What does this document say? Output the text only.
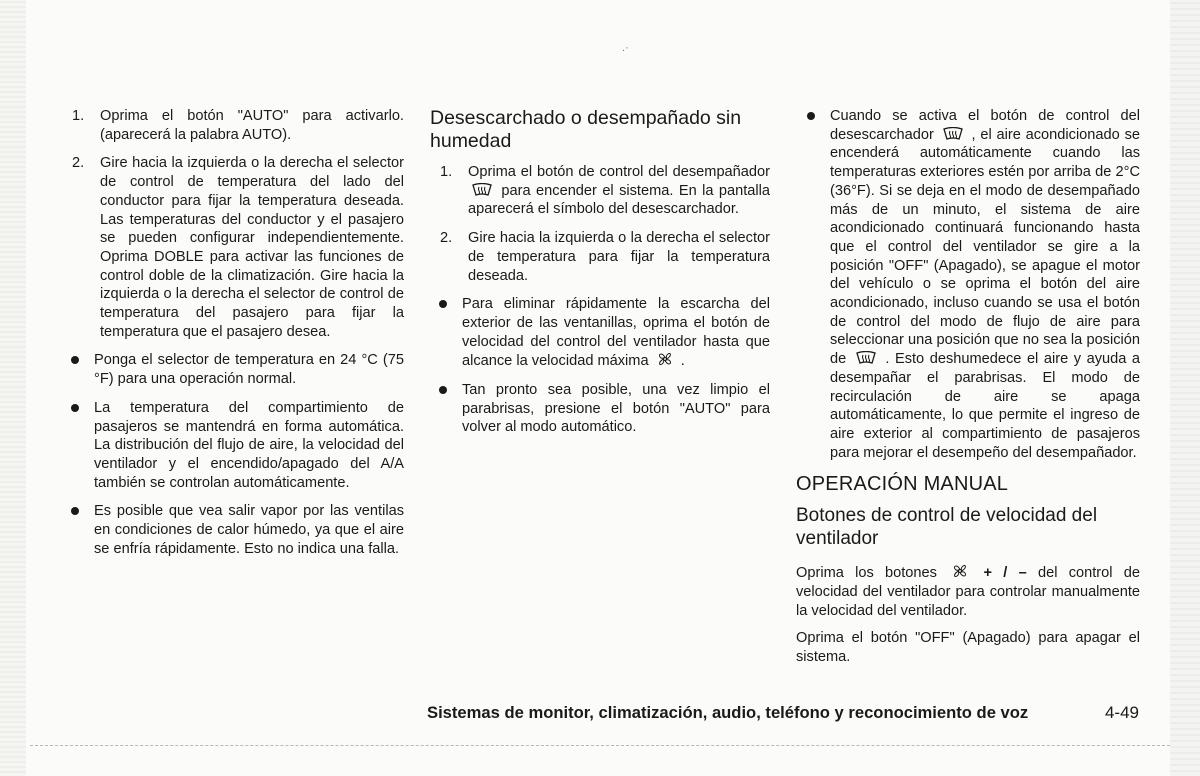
.·
1.	Oprima el botón "AUTO" para activarlo. (aparecerá la palabra AUTO).
2.	Gire hacia la izquierda o la derecha el selector de control de temperatura del lado del conductor para fijar la temperatura deseada. Las temperaturas del conductor y el pasajero se pueden configurar independientemente. Oprima DOBLE para activar las funciones de control doble de la climatización. Gire hacia la izquierda o la derecha el selector de control de temperatura del pasajero para fijar la temperatura que el pasajero desea.
Ponga el selector de temperatura en 24 °C (75 °F) para una operación normal.
La temperatura del compartimiento de pasajeros se mantendrá en forma automática. La distribución del flujo de aire, la velocidad del ventilador y el encendido/apagado del A/A también se controlan automáticamente.
Es posible que vea salir vapor por las ventilas en condiciones de calor húmedo, ya que el aire se enfría rápidamente. Esto no indica una falla.
Desescarchado o desempañado sin humedad
1.	Oprima el botón de control del desempañador  para encender el sistema. En la pantalla aparecerá el símbolo del desescarchador.
2.	Gire hacia la izquierda o la derecha el selector de temperatura para fijar la temperatura deseada.
Para eliminar rápidamente la escarcha del exterior de las ventanillas, oprima el botón de velocidad del control del ventilador hasta que alcance la velocidad máxima .
Tan pronto sea posible, una vez limpio el parabrisas, presione el botón "AUTO" para volver al modo automático.
Cuando se activa el botón de control del desescarchador	, el aire acondicionado se encenderá automáticamente cuando las temperaturas exteriores estén por arriba de 2°C (36°F). Si se deja en el modo de desempañado más de un minuto, el sistema de aire acondicionado continuará funcionando hasta que el control del ventilador se gire a la posición "OFF" (Apagado), se apague el motor del vehículo o se oprima el botón del aire acondicionado, incluso cuando se usa el botón de control del modo de flujo de aire para seleccionar una posición que no sea la posición de	. Esto deshumedece el aire y ayuda a desempañar el parabrisas. El modo de recirculación de aire se apaga automáticamente, lo que permite el ingreso de aire exterior al compartimiento de pasajeros para mejorar el desempeño del desempañador.
OPERACIÓN MANUAL
Botones de control de velocidad del ventilador
Oprima los botones	+ / – del control de velocidad del ventilador para controlar manualmente la velocidad del ventilador.
Oprima el botón "OFF" (Apagado) para apagar el sistema.
Sistemas de monitor, climatización, audio, teléfono y reconocimiento de voz	4-49
